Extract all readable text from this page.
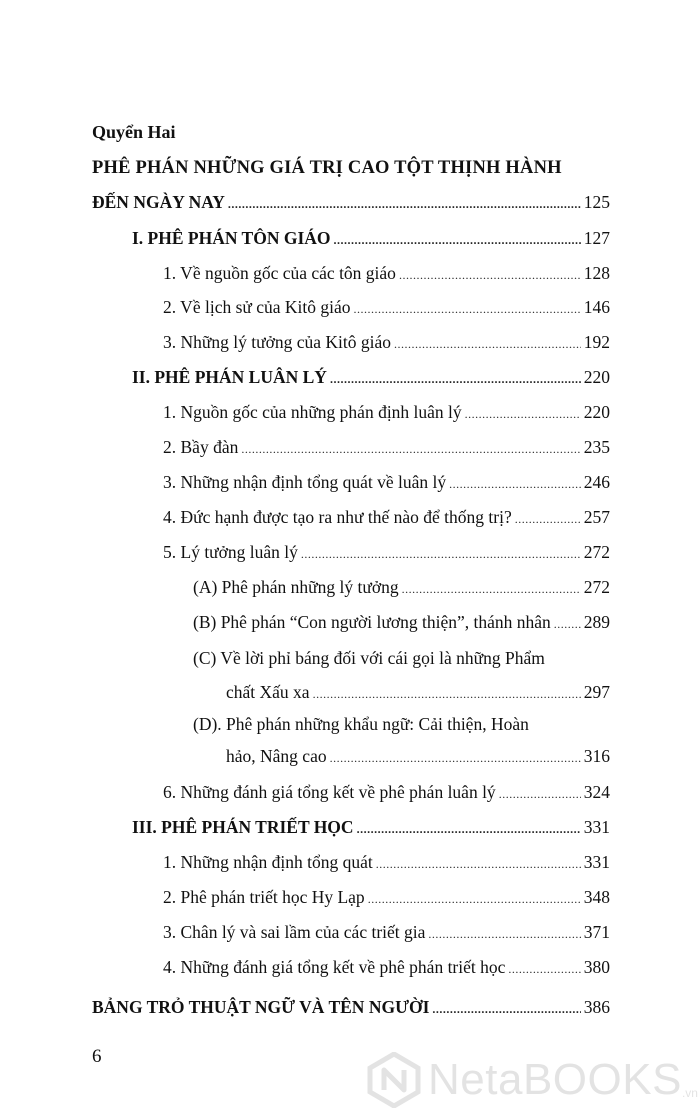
Quyển Hai
PHÊ PHÁN NHỮNG GIÁ TRỊ CAO TỘT THỊNH HÀNH
ĐẾN NGÀY NAY .....	125
I. PHÊ PHÁN TÔN GIÁO .....	127
1. Về nguồn gốc của các tôn giáo .....	128
2. Về lịch sử của Kitô giáo .....	146
3. Những lý tưởng của Kitô giáo .....	192
II. PHÊ PHÁN LUÂN LÝ .....	220
1. Nguồn gốc của những phán định luân lý .....	220
2. Bầy đàn .....	235
3. Những nhận định tổng quát về luân lý .....	246
4. Đức hạnh được tạo ra như thế nào để thống trị? .....	257
5. Lý tưởng luân lý .....	272
(A) Phê phán những lý tưởng .....	272
(B) Phê phán “Con người lương thiện”, thánh nhân ..... 289
(C) Về lời phỉ báng đối với cái gọi là những Phẩm
chất Xấu xa .....	297
(D). Phê phán những khẩu ngữ: Cải thiện, Hoàn
hảo, Nâng cao .....	316
6. Những đánh giá tổng kết về phê phán luân lý .....	324
III. PHÊ PHÁN TRIẾT HỌC .....	331
1. Những nhận định tổng quát .....	331
2. Phê phán triết học Hy Lạp .....	348
3. Chân lý và sai lầm của các triết gia .....	371
4. Những đánh giá tổng kết về phê phán triết học .....	380
BẢNG TRỎ THUẬT NGỮ VÀ TÊN NGƯỜI .....	386
6	NetaBOOKS .vn
